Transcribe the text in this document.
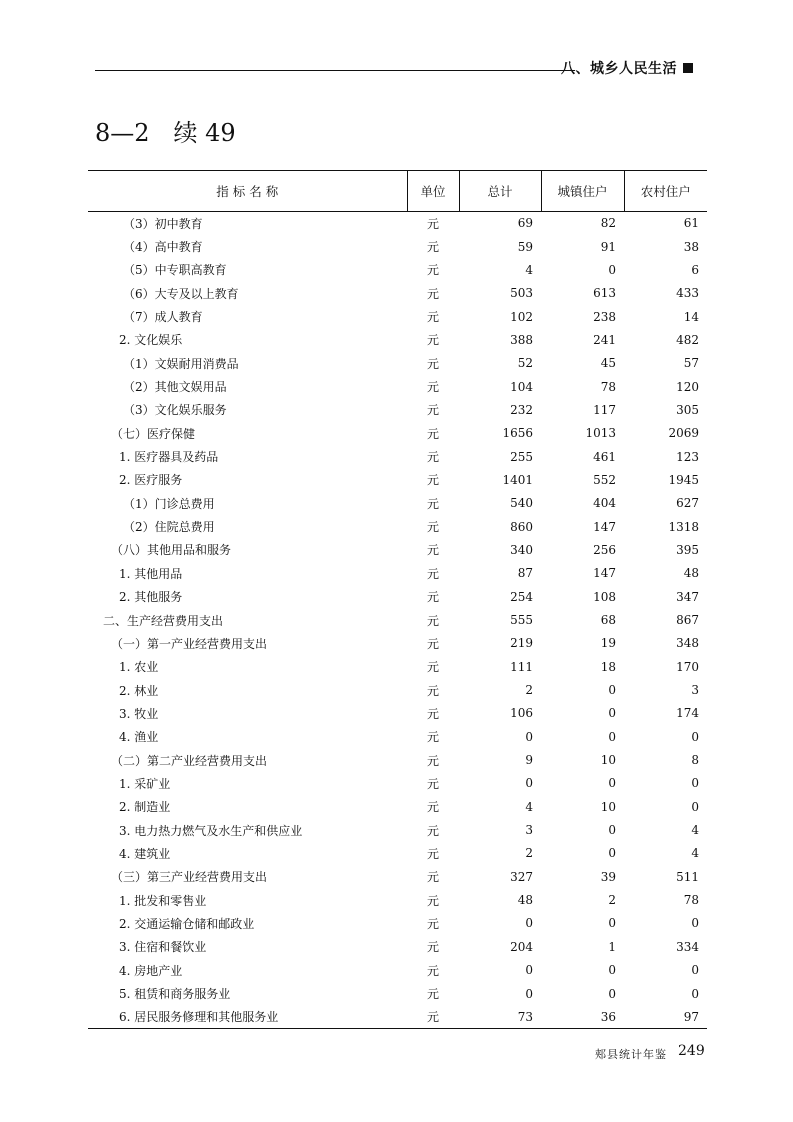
八、城乡人民生活
8—2　续 49
指 标 名 称	单位	总计	城镇住户	农村住户
（3）初中教育	元	69	82	61
（4）高中教育	元	59	91	38
（5）中专职高教育	元	4	0	6
（6）大专及以上教育	元	503	613	433
（7）成人教育	元	102	238	14
2. 文化娱乐	元	388	241	482
（1）文娱耐用消费品	元	52	45	57
（2）其他文娱用品	元	104	78	120
（3）文化娱乐服务	元	232	117	305
（七）医疗保健	元	1656	1013	2069
1. 医疗器具及药品	元	255	461	123
2. 医疗服务	元	1401	552	1945
（1）门诊总费用	元	540	404	627
（2）住院总费用	元	860	147	1318
（八）其他用品和服务	元	340	256	395
1. 其他用品	元	87	147	48
2. 其他服务	元	254	108	347
二、生产经营费用支出	元	555	68	867
（一）第一产业经营费用支出	元	219	19	348
1. 农业	元	111	18	170
2. 林业	元	2	0	3
3. 牧业	元	106	0	174
4. 渔业	元	0	0	0
（二）第二产业经营费用支出	元	9	10	8
1. 采矿业	元	0	0	0
2. 制造业	元	4	10	0
3. 电力热力燃气及水生产和供应业	元	3	0	4
4. 建筑业	元	2	0	4
（三）第三产业经营费用支出	元	327	39	511
1. 批发和零售业	元	48	2	78
2. 交通运输仓储和邮政业	元	0	0	0
3. 住宿和餐饮业	元	204	1	334
4. 房地产业	元	0	0	0
5. 租赁和商务服务业	元	0	0	0
6. 居民服务修理和其他服务业	元	73	36	97
郏县统计年鉴 249
